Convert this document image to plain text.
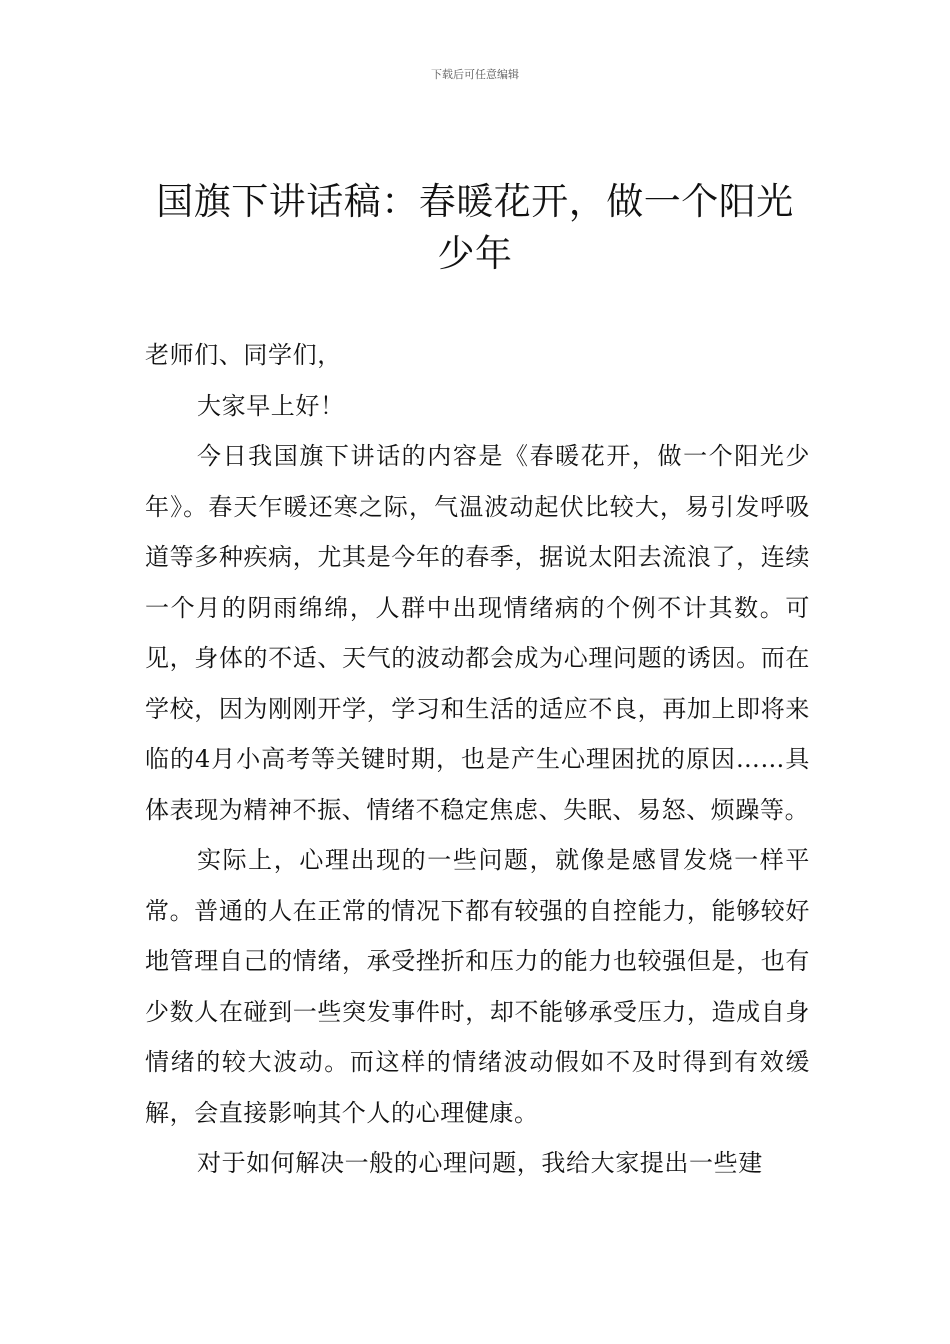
下载后可任意编辑
国旗下讲话稿：春暖花开，做一个阳光少年

老师们、同学们，

大家早上好！

今日我国旗下讲话的内容是《春暖花开，做一个阳光少年》。春天乍暖还寒之际，气温波动起伏比较大，易引发呼吸道等多种疾病，尤其是今年的春季，据说太阳去流浪了，连续一个月的阴雨绵绵，人群中出现情绪病的个例不计其数。可见，身体的不适、天气的波动都会成为心理问题的诱因。而在学校，因为刚刚开学，学习和生活的适应不良，再加上即将来临的4月小高考等关键时期，也是产生心理困扰的原因……具体表现为精神不振、情绪不稳定焦虑、失眠、易怒、烦躁等。

实际上，心理出现的一些问题，就像是感冒发烧一样平常。普通的人在正常的情况下都有较强的自控能力，能够较好地管理自己的情绪，承受挫折和压力的能力也较强但是，也有少数人在碰到一些突发事件时，却不能够承受压力，造成自身情绪的较大波动。而这样的情绪波动假如不及时得到有效缓解，会直接影响其个人的心理健康。

对于如何解决一般的心理问题，我给大家提出一些建
